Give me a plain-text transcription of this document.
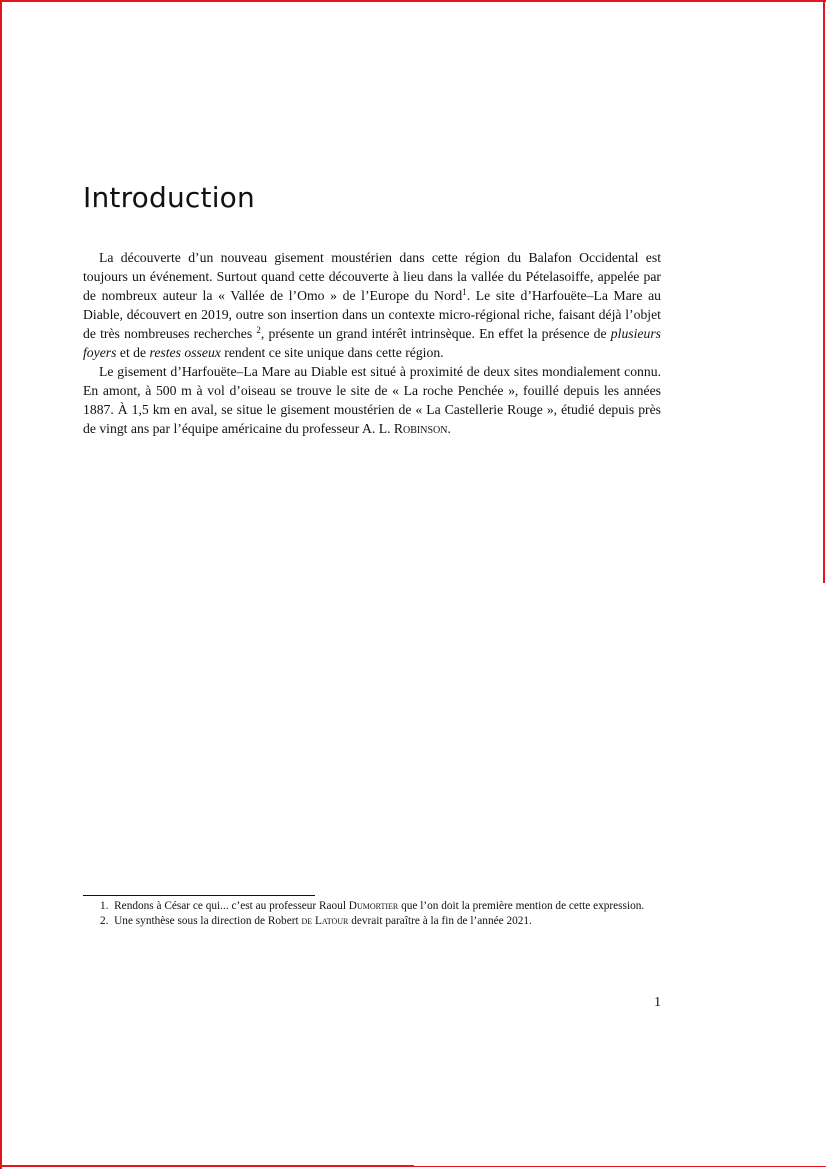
Introduction

La découverte d’un nouveau gisement moustérien dans cette région du Balafon Occidental est toujours un événement. Surtout quand cette découverte à lieu dans la vallée du Pételasoiffe, appelée par de nombreux auteur la « Vallée de l’Omo » de l’Europe du Nord$^1$. Le site d’Harfouëte–La Mare au Diable, découvert en 2019, outre son insertion dans un contexte micro-régional riche, faisant déjà l’objet de très nombreuses recherches $^2$, présente un grand intérêt intrinsèque. En effet la présence de plusieurs foyers et de restes osseux rendent ce site unique dans cette région.

Le gisement d’Harfouëte–La Mare au Diable est situé à proximité de deux sites mondialement connu. En amont, à 500 m à vol d’oiseau se trouve le site de « La roche Penchée », fouillé depuis les années 1887. À 1,5 km en aval, se situe le gisement moustérien de « La Castellerie Rouge », étudié depuis près de vingt ans par l’équipe américaine du professeur A. L. Robinson.

1. Rendons à César ce qui... c’est au professeur Raoul Dumortier que l’on doit la première mention de cette expression.

2. Une synthèse sous la direction de Robert de Latour devrait paraître à la fin de l’année 2021.

1
